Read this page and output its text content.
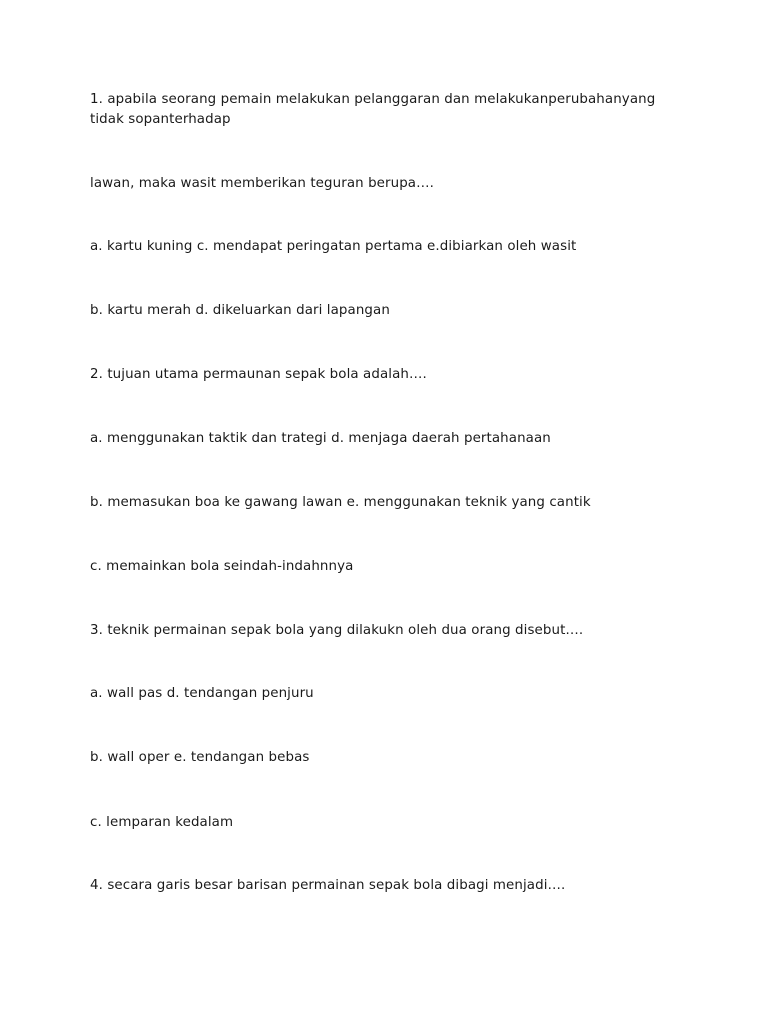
1. apabila seorang pemain melakukan pelanggaran dan melakukanperubahanyang
tidak sopanterhadap
lawan, maka wasit memberikan teguran berupa….
a. kartu kuning c. mendapat peringatan pertama e.dibiarkan oleh wasit
b. kartu merah d. dikeluarkan dari lapangan
2. tujuan utama permaunan sepak bola adalah….
a. menggunakan taktik dan trategi d. menjaga daerah pertahanaan
b. memasukan boa ke gawang lawan e. menggunakan teknik yang cantik
c. memainkan bola seindah-indahnnya
3. teknik permainan sepak bola yang dilakukn oleh dua orang disebut….
a. wall pas d. tendangan penjuru
b. wall oper e. tendangan bebas
c. lemparan kedalam
4. secara garis besar barisan permainan sepak bola dibagi menjadi….
